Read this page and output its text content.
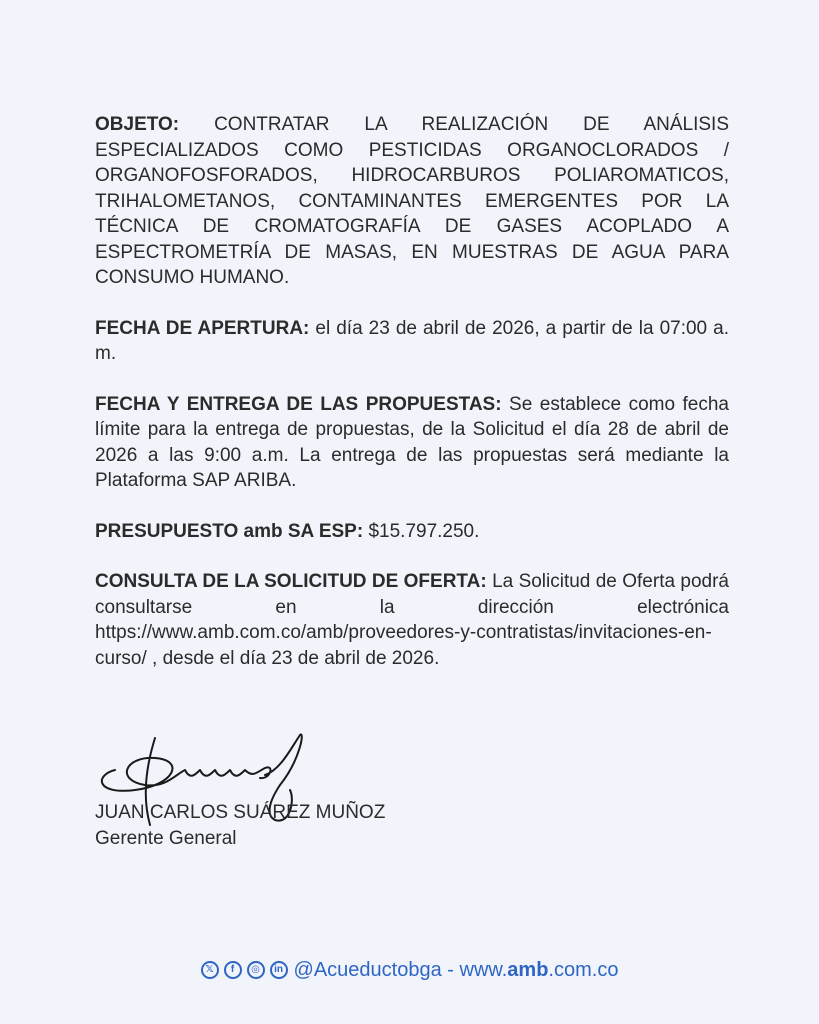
OBJETO: CONTRATAR LA REALIZACIÓN DE ANÁLISIS ESPECIALIZADOS COMO PESTICIDAS ORGANOCLORADOS / ORGANOFOSFORADOS, HIDROCARBUROS POLIAROMATICOS, TRIHALOMETANOS, CONTAMINANTES EMERGENTES POR LA TÉCNICA DE CROMATOGRAFÍA DE GASES ACOPLADO A ESPECTROMETRÍA DE MASAS, EN MUESTRAS DE AGUA PARA CONSUMO HUMANO.

FECHA DE APERTURA: el día 23 de abril de 2026, a partir de la 07:00 a. m.

FECHA Y ENTREGA DE LAS PROPUESTAS: Se establece como fecha límite para la entrega de propuestas, de la Solicitud el día 28 de abril de 2026 a las 9:00 a.m. La entrega de las propuestas será mediante la Plataforma SAP ARIBA.

PRESUPUESTO amb SA ESP: $15.797.250.

CONSULTA DE LA SOLICITUD DE OFERTA: La Solicitud de Oferta podrá consultarse en la dirección electrónica https://www.amb.com.co/amb/proveedores-y-contratistas/invitaciones-en-curso/ , desde el día 23 de abril de 2026.

JUAN CARLOS SUÁREZ MUÑOZ
Gerente General
𝕏	f	◎	in @Acueductobga - www.amb.com.co
